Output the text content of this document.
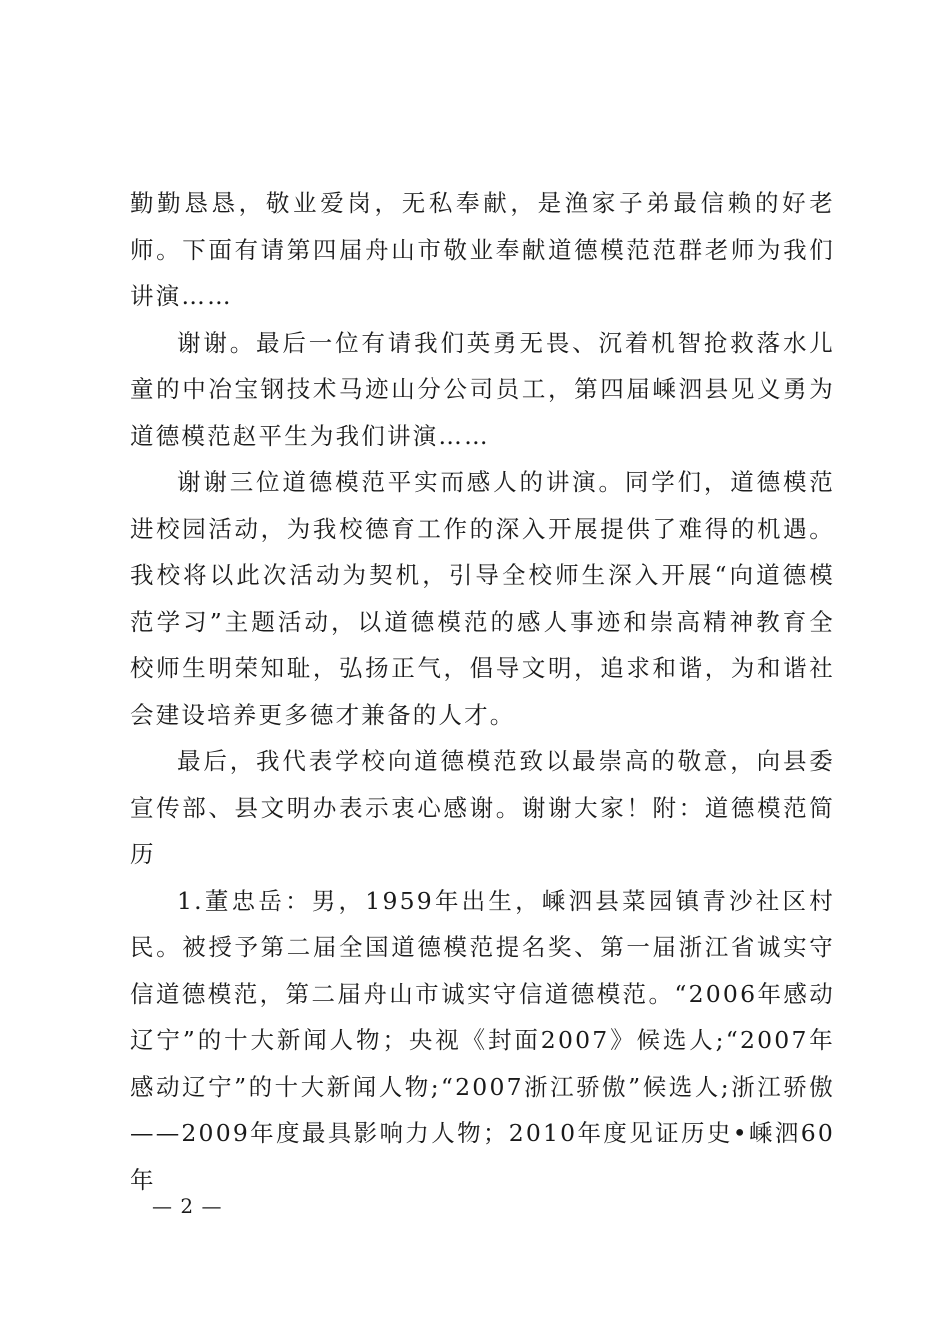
勤勤恳恳，敬业爱岗，无私奉献，是渔家子弟最信赖的好老师。下面有请第四届舟山市敬业奉献道德模范范群老师为我们讲演……

谢谢。最后一位有请我们英勇无畏、沉着机智抢救落水儿童的中冶宝钢技术马迹山分公司员工，第四届嵊泗县见义勇为道德模范赵平生为我们讲演……

谢谢三位道德模范平实而感人的讲演。同学们，道德模范进校园活动，为我校德育工作的深入开展提供了难得的机遇。我校将以此次活动为契机，引导全校师生深入开展“向道德模范学习”主题活动，以道德模范的感人事迹和崇高精神教育全校师生明荣知耻，弘扬正气，倡导文明，追求和谐，为和谐社会建设培养更多德才兼备的人才。

最后，我代表学校向道德模范致以最崇高的敬意，向县委宣传部、县文明办表示衷心感谢。谢谢大家！附：道德模范简历

1.董忠岳：男，1959年出生，嵊泗县菜园镇青沙社区村民。被授予第二届全国道德模范提名奖、第一届浙江省诚实守信道德模范，第二届舟山市诚实守信道德模范。“2006年感动辽宁”的十大新闻人物；央视《封面2007》候选人;“2007年感动辽宁”的十大新闻人物;“2007浙江骄傲”候选人;浙江骄傲——2009年度最具影响力人物；2010年度见证历史•嵊泗60年

— 2 —
